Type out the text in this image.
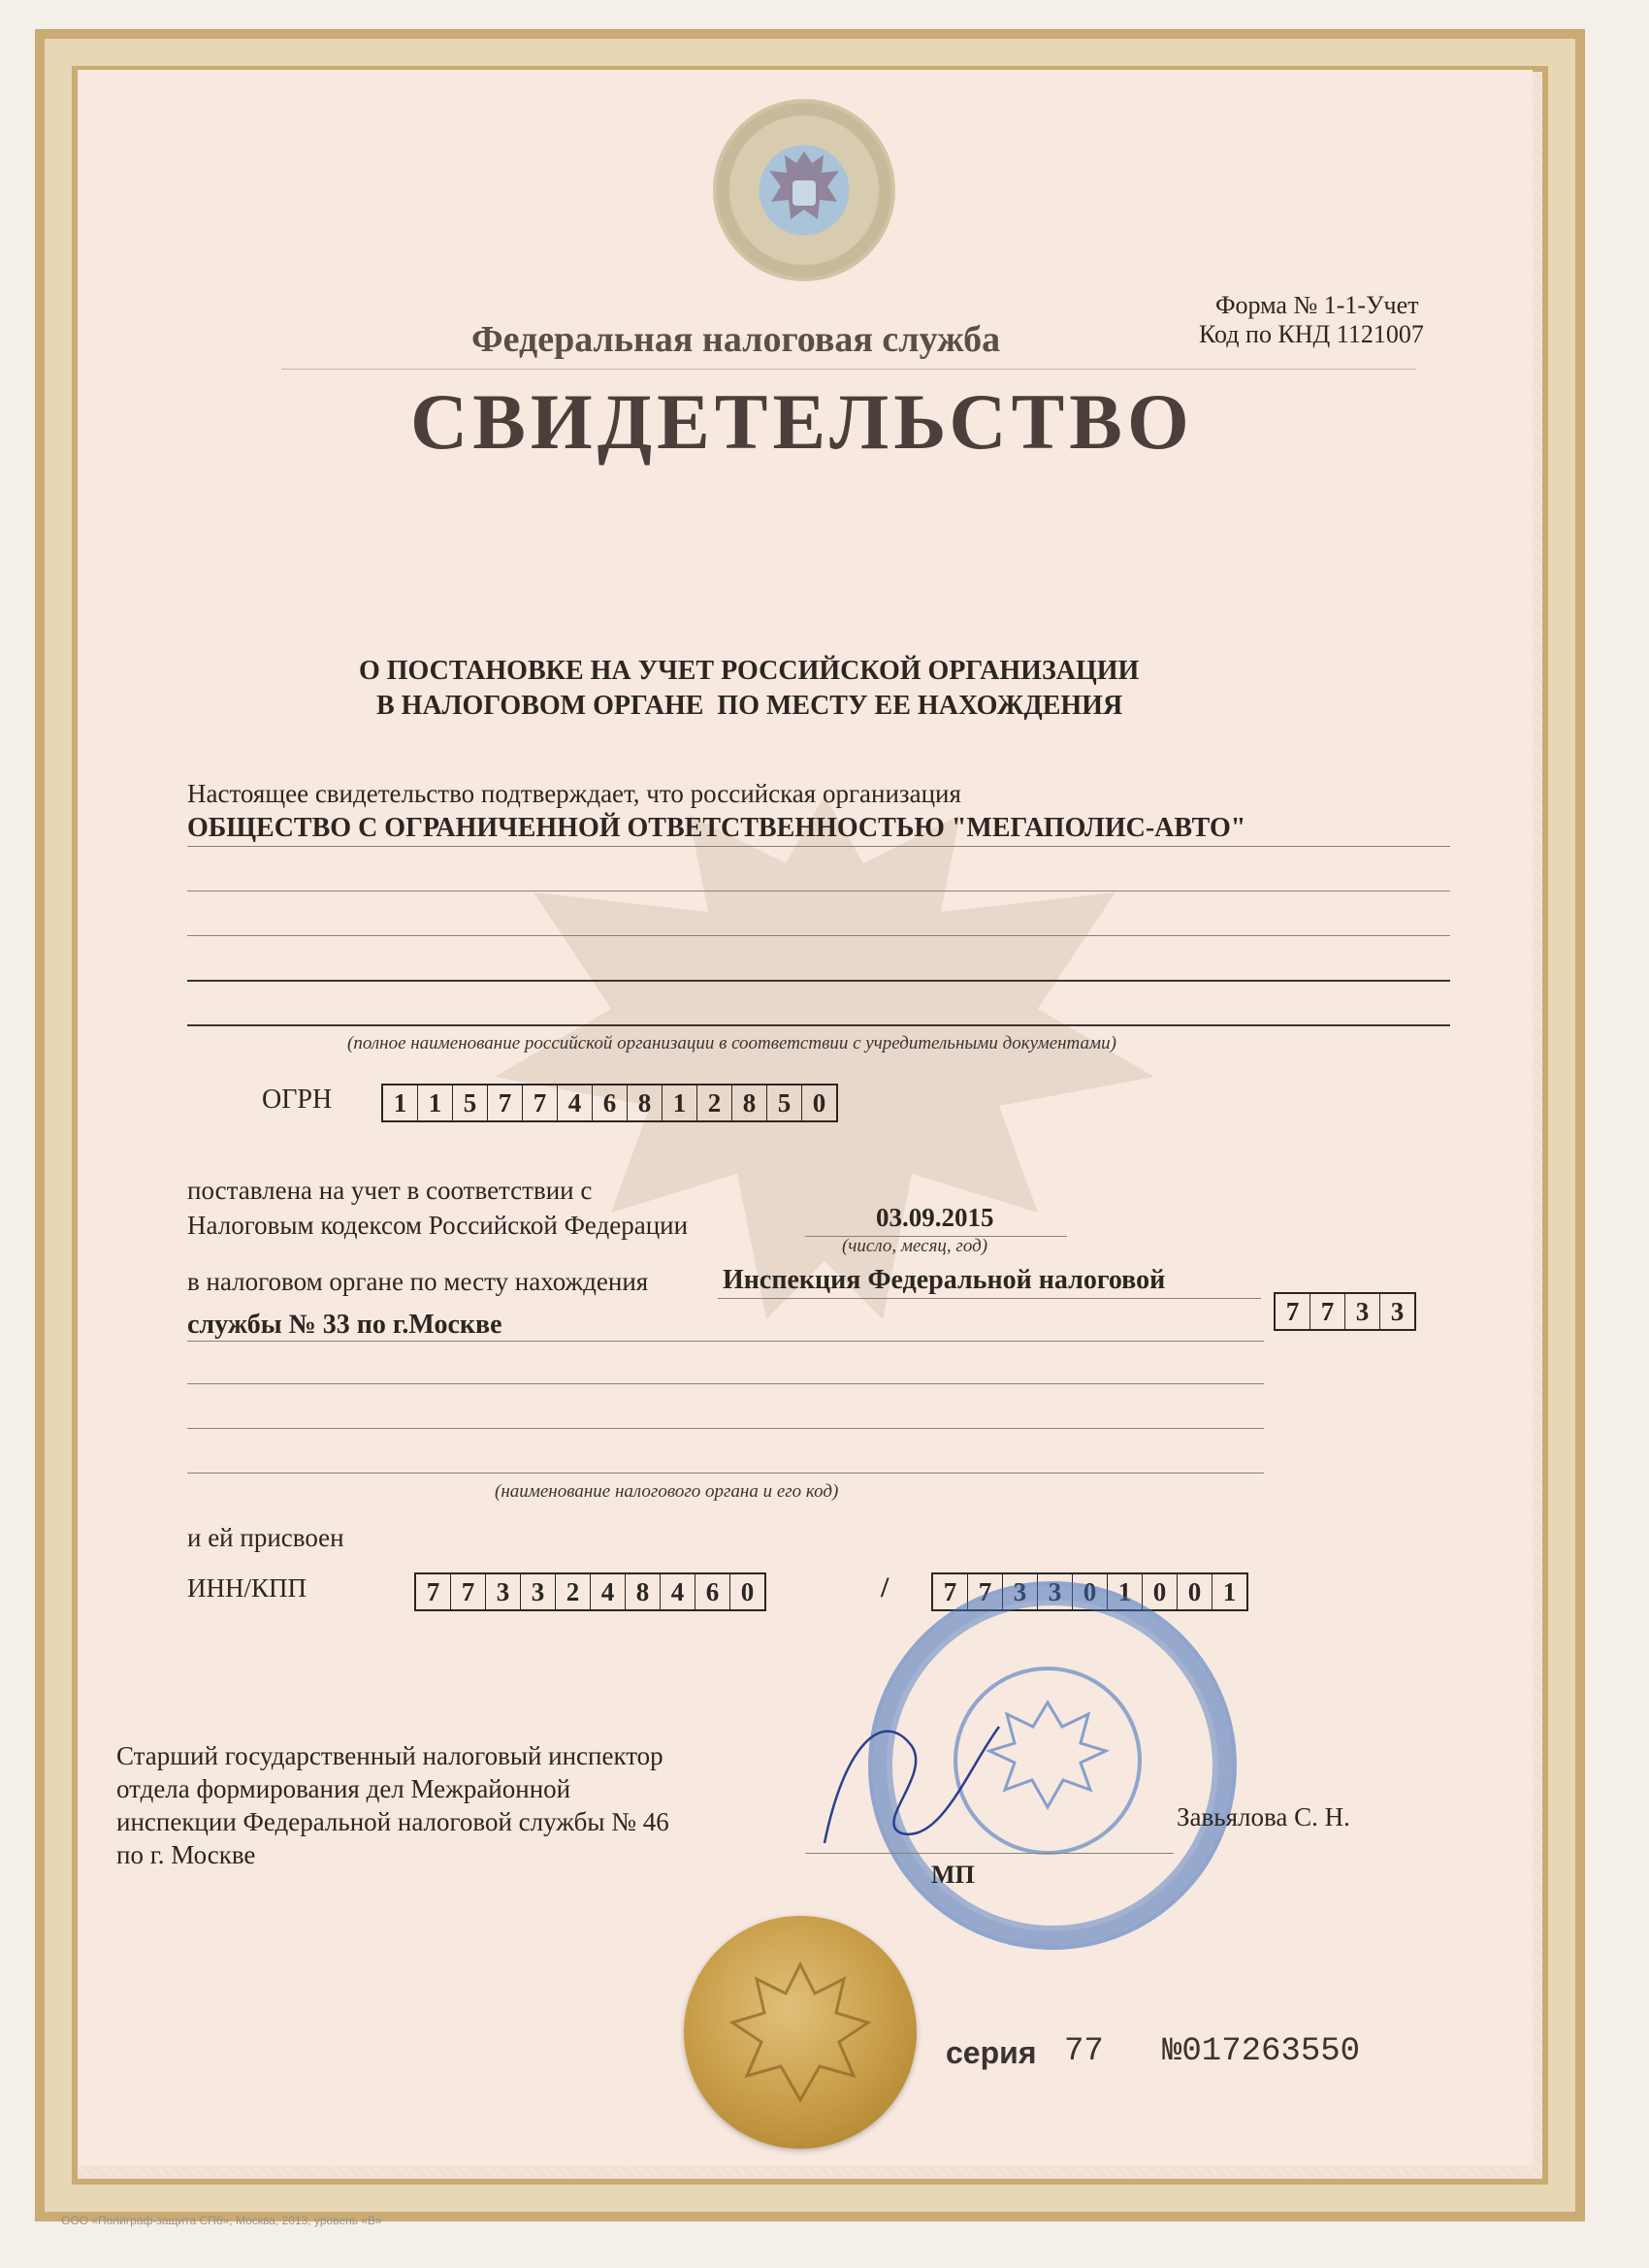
Федеральная налоговая служба
Форма № 1-1-Учет
Код по КНД 1121007
СВИДЕТЕЛЬСТВО
О ПОСТАНОВКЕ НА УЧЕТ РОССИЙСКОЙ ОРГАНИЗАЦИИ
В НАЛОГОВОМ ОРГАНЕ  ПО МЕСТУ ЕЕ НАХОЖДЕНИЯ
Настоящее свидетельство подтверждает, что российская организация
ОБЩЕСТВО С ОГРАНИЧЕННОЙ ОТВЕТСТВЕННОСТЬЮ "МЕГАПОЛИС-АВТО"
(полное наименование российской организации в соответствии с учредительными документами)
ОГРН	1 1 5 7 7 4 6 8 1 2 8 5 0
поставлена на учет в соответствии с
Налоговым кодексом Российской Федерации	03.09.2015
(число, месяц, год)
в налоговом органе по месту нахождения	Инспекция Федеральной налоговой
службы № 33 по г.Москве	7 7 3 3
(наименование налогового органа и его код)
и ей присвоен
ИНН/КПП	7 7 3 3 2 4 8 4 6 0	/	7 7 3 3 0 1 0 0 1
Старший государственный налоговый инспектор
отдела формирования дел Межрайонной
инспекции Федеральной налоговой службы № 46
по г. Москве
Завьялова С. Н.
МП
серия 77 №017263550
ООО «Полиграф-защита СПб», Москва, 2013, уровень «В»
